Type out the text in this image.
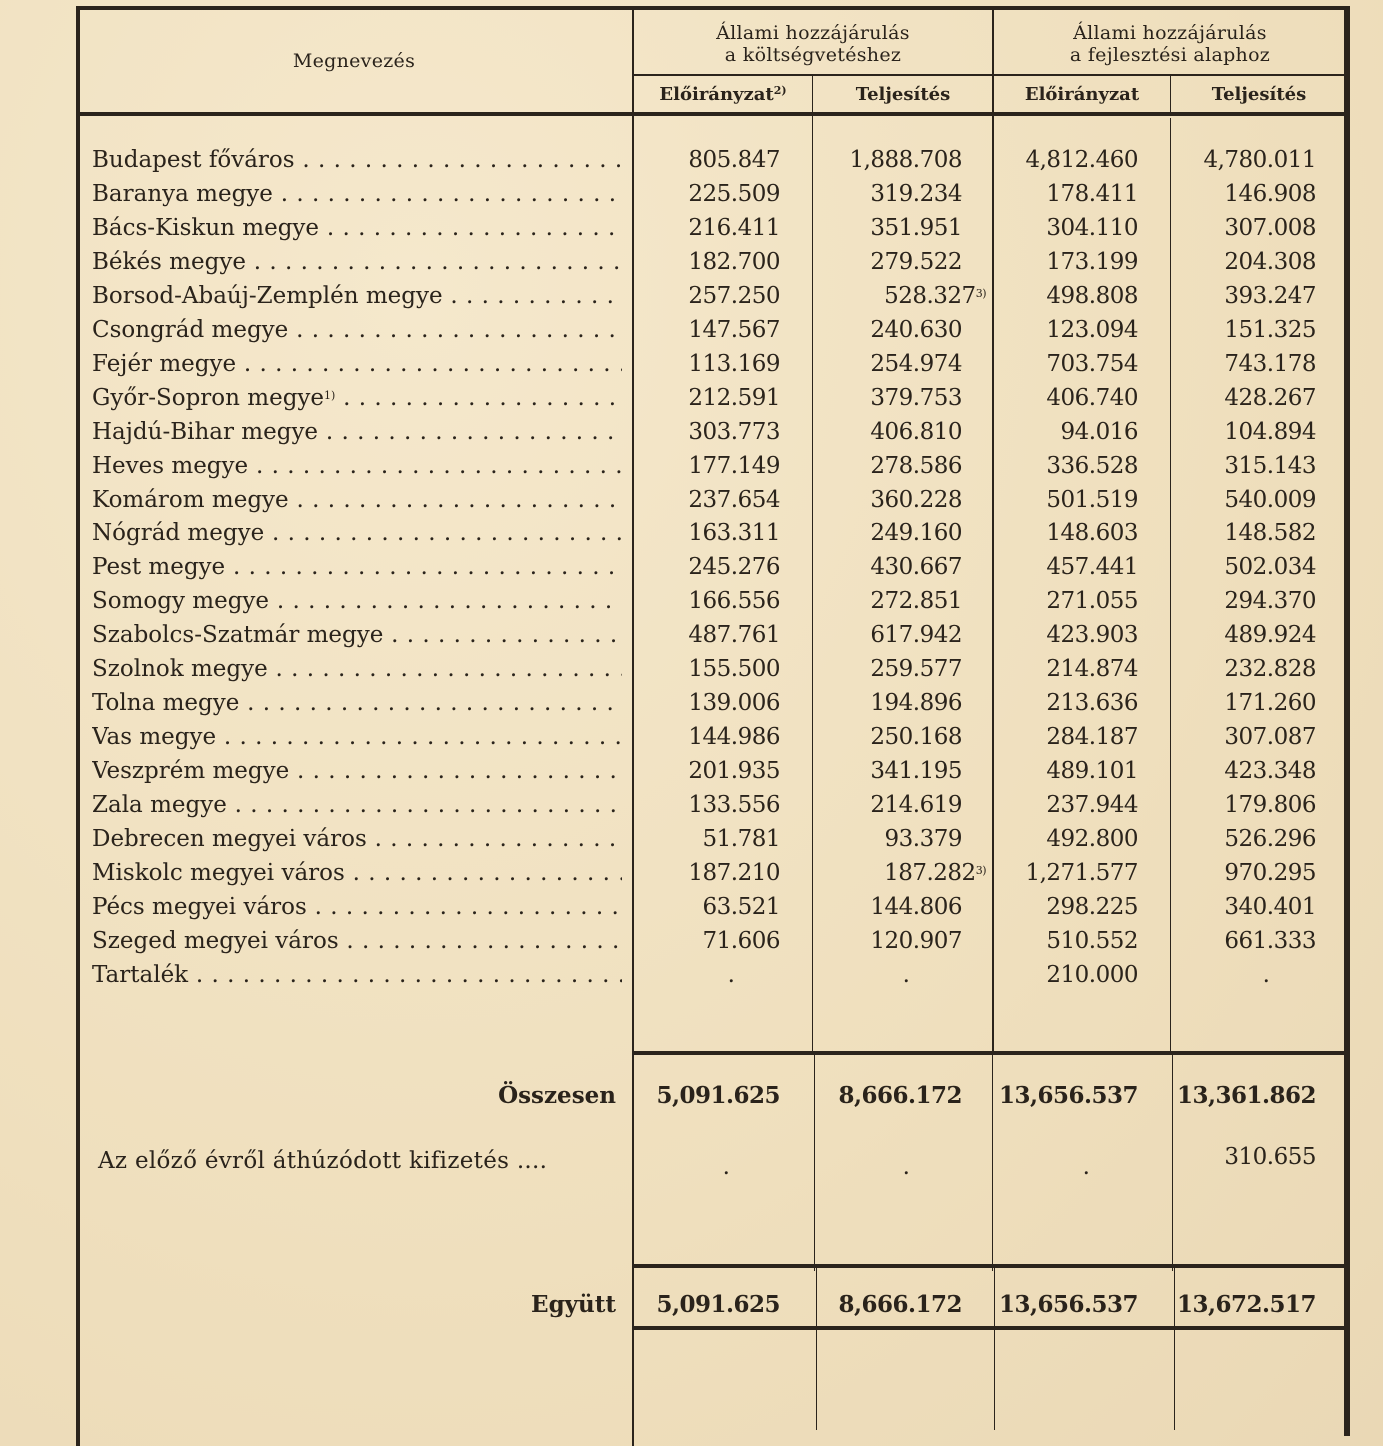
Megnevezés
Állami hozzájárulás
a költségvetéshez
Állami hozzájárulás
a fejlesztési alaphoz
Előirányzat$^{2)}$	Teljesítés	Előirányzat	Teljesítés
Budapest főváros . . .	805.847	1,888.708	4,812.460	4,780.011
Baranya megye . . .	225.509	319.234	178.411	146.908
Bács-Kiskun megye . . .	216.411	351.951	304.110	307.008
Békés megye . . .	182.700	279.522	173.199	204.308
Borsod-Abaúj-Zemplén megye . . .	257.250	528.327$^{3)}$	498.808	393.247
Csongrád megye . . .	147.567	240.630	123.094	151.325
Fejér megye . . .	113.169	254.974	703.754	743.178
Győr-Sopron megye$^{1)}$ . . .	212.591	379.753	406.740	428.267
Hajdú-Bihar megye . . .	303.773	406.810	94.016	104.894
Heves megye . . .	177.149	278.586	336.528	315.143
Komárom megye . . .	237.654	360.228	501.519	540.009
Nógrád megye . . .	163.311	249.160	148.603	148.582
Pest megye . . .	245.276	430.667	457.441	502.034
Somogy megye . . .	166.556	272.851	271.055	294.370
Szabolcs-Szatmár megye . . .	487.761	617.942	423.903	489.924
Szolnok megye . . .	155.500	259.577	214.874	232.828
Tolna megye . . .	139.006	194.896	213.636	171.260
Vas megye . . .	144.986	250.168	284.187	307.087
Veszprém megye . . .	201.935	341.195	489.101	423.348
Zala megye . . .	133.556	214.619	237.944	179.806
Debrecen megyei város . . .	51.781	93.379	492.800	526.296
Miskolc megyei város . . .	187.210	187.282$^{3)}$	1,271.577	970.295
Pécs megyei város . . .	63.521	144.806	298.225	340.401
Szeged megyei város . . .	71.606	120.907	510.552	661.333
Tartalék . . .	.	.	210.000	.
Összesen	5,091.625	8,666.172	13,656.537	13,361.862
Az előző évről áthúzódott kifizetés ....	.	.	.	310.655
Együtt	5,091.625	8,666.172	13,656.537	13,672.517
